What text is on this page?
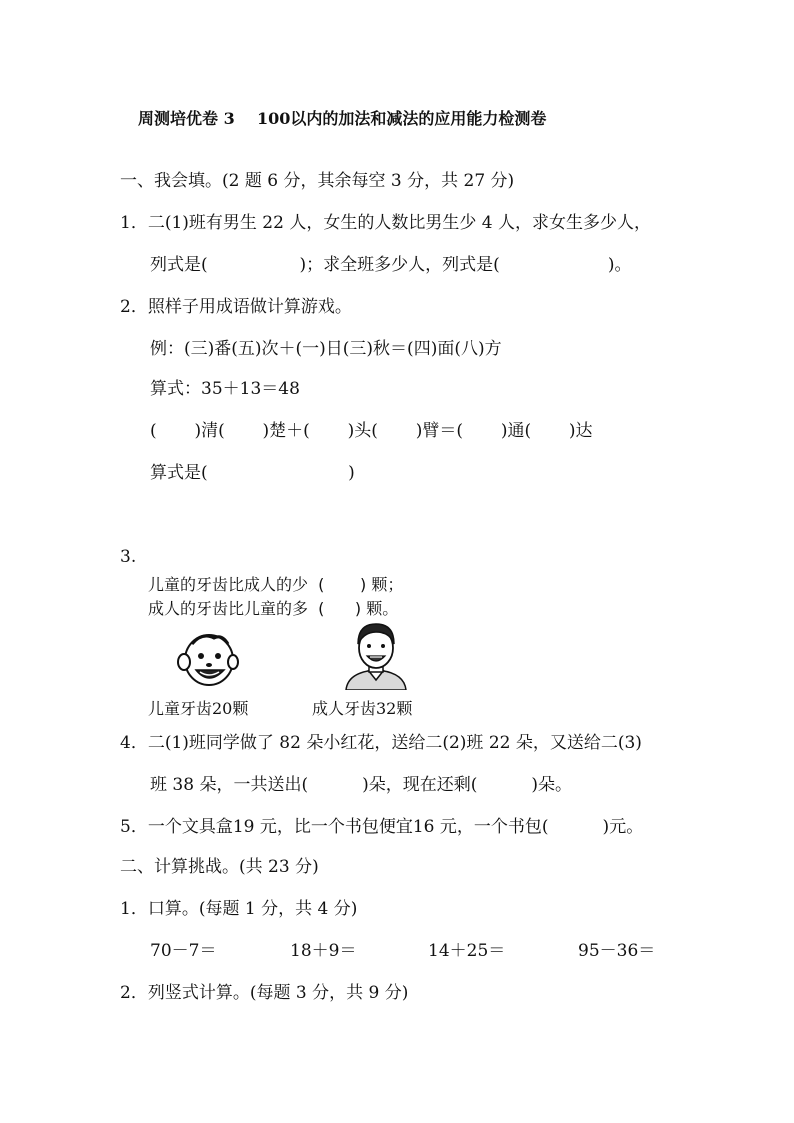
周测培优卷 3    100以内的加法和减法的应用能力检测卷
一、我会填。(2 题 6 分，其余每空 3 分，共 27 分)
1．二(1)班有男生 22 人，女生的人数比男生少 4 人，求女生多少人，
列式是(                 )；求全班多少人，列式是(                    )。
2．照样子用成语做计算游戏。
例：(三)番(五)次＋(一)日(三)秋＝(四)面(八)方
算式：35＋13＝48
(       )清(       )楚＋(       )头(       )臂＝(       )通(       )达
算式是(                          )
3.
儿童的牙齿比成人的少  (       ) 颗；
成人的牙齿比儿童的多  (      ) 颗。
儿童牙齿20颗	成人牙齿32颗
4．二(1)班同学做了 82 朵小红花，送给二(2)班 22 朵，又送给二(3)
班 38 朵，一共送出(          )朵，现在还剩(          )朵。
5．一个文具盒19 元，比一个书包便宜16 元，一个书包(          )元。
二、计算挑战。(共 23 分)
1．口算。(每题 1 分，共 4 分)
70－7＝	18＋9＝	14＋25＝	95－36＝
2．列竖式计算。(每题 3 分，共 9 分)
